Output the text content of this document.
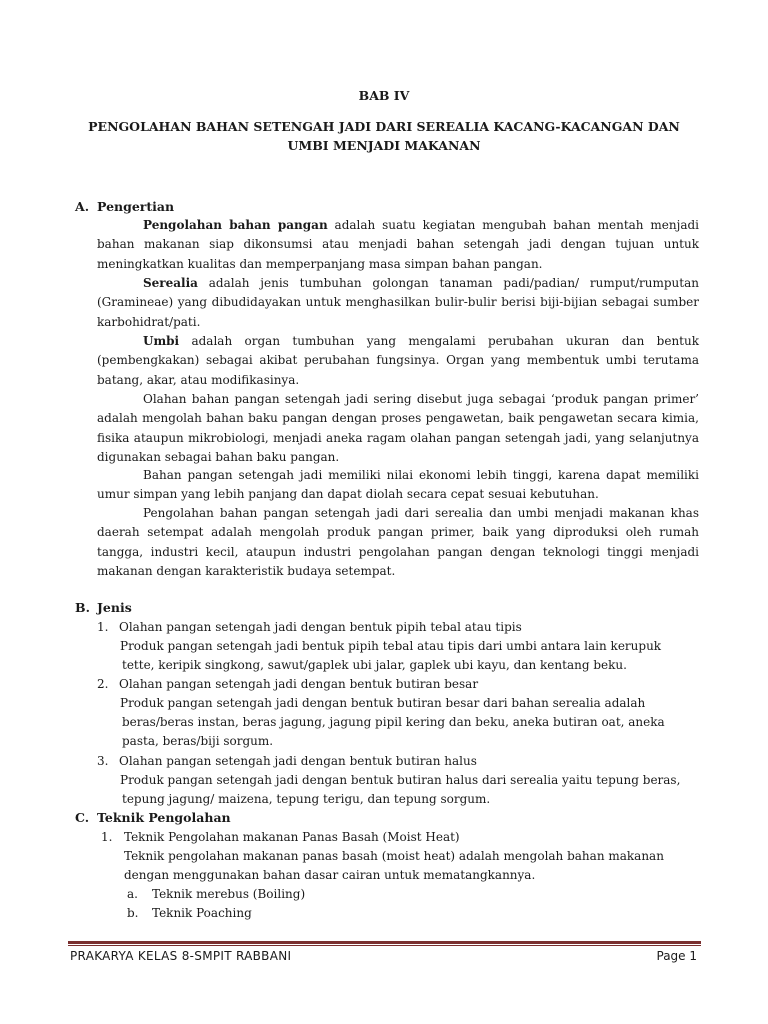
BAB IV
PENGOLAHAN BAHAN SETENGAH JADI DARI SEREALIA KACANG-KACANGAN DAN
UMBI MENJADI MAKANAN
A. Pengertian
Pengolahan bahan pangan adalah suatu kegiatan mengubah bahan mentah menjadi bahan makanan siap dikonsumsi atau menjadi bahan setengah jadi dengan tujuan untuk meningkatkan kualitas dan memperpanjang masa simpan bahan pangan.
Serealia adalah jenis tumbuhan golongan tanaman padi/padian/ rumput/rumputan (Gramineae) yang dibudidayakan untuk menghasilkan bulir-bulir berisi biji-bijian sebagai sumber karbohidrat/pati.
Umbi adalah organ tumbuhan yang mengalami perubahan ukuran dan bentuk (pembengkakan) sebagai akibat perubahan fungsinya. Organ yang membentuk umbi terutama batang, akar, atau modifikasinya.
Olahan bahan pangan setengah jadi sering disebut juga sebagai ‘produk pangan primer’ adalah mengolah bahan baku pangan dengan proses pengawetan, baik pengawetan secara kimia, fisika ataupun mikrobiologi, menjadi aneka ragam olahan pangan setengah jadi, yang selanjutnya digunakan sebagai bahan baku pangan.
Bahan pangan setengah jadi memiliki nilai ekonomi lebih tinggi, karena dapat memiliki umur simpan yang lebih panjang dan dapat diolah secara cepat sesuai kebutuhan.
Pengolahan bahan pangan setengah jadi dari serealia dan umbi menjadi makanan khas daerah setempat adalah mengolah produk pangan primer, baik yang diproduksi oleh rumah tangga, industri kecil, ataupun industri pengolahan pangan dengan teknologi tinggi menjadi makanan dengan karakteristik budaya setempat.
B. Jenis
1. Olahan pangan setengah jadi dengan bentuk pipih tebal atau tipis
Produk pangan setengah jadi bentuk pipih tebal atau tipis dari umbi antara lain kerupuk
tette, keripik singkong, sawut/gaplek ubi jalar, gaplek ubi kayu, dan kentang beku.
2. Olahan pangan setengah jadi dengan bentuk butiran besar
Produk pangan setengah jadi dengan bentuk butiran besar dari bahan serealia adalah
beras/beras instan, beras jagung, jagung pipil kering dan beku, aneka butiran oat, aneka
pasta, beras/biji sorgum.
3. Olahan pangan setengah jadi dengan bentuk butiran halus
Produk pangan setengah jadi dengan bentuk butiran halus dari serealia yaitu tepung beras,
tepung jagung/ maizena, tepung terigu, dan tepung sorgum.
C. Teknik Pengolahan
1. Teknik Pengolahan makanan Panas Basah (Moist Heat)
Teknik pengolahan makanan panas basah (moist heat) adalah mengolah bahan makanan dengan menggunakan bahan dasar cairan untuk mematangkannya.
a. Teknik merebus (Boiling)
b. Teknik Poaching
PRAKARYA KELAS 8-SMPIT RABBANI	Page 1
